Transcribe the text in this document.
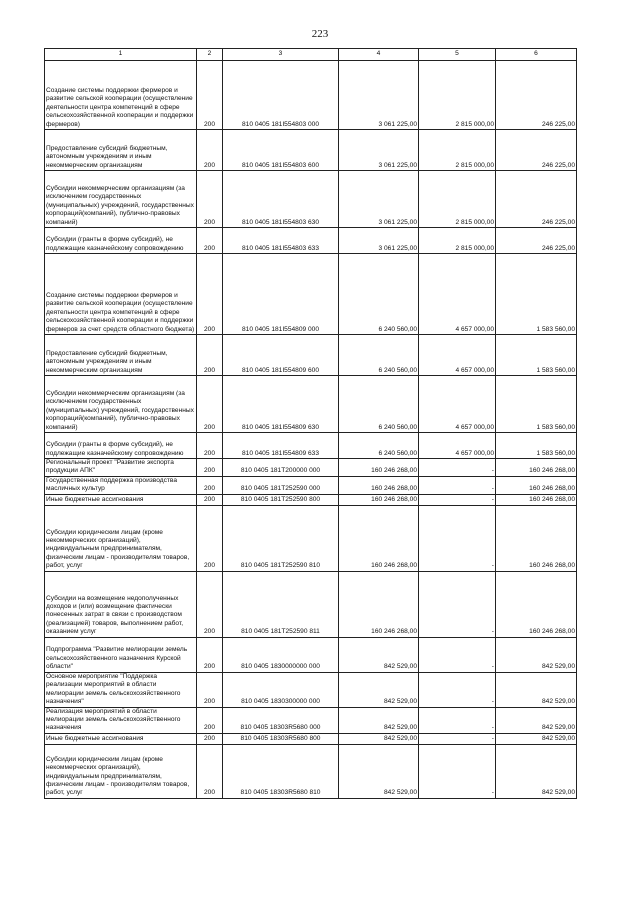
223
1	2	3	4	5	6
Создание системы поддержки фермеров и развитие сельской кооперации (осуществление деятельности центра компетенций в сфере сельскохозяйственной кооперации и поддержки фермеров)	200	810 0405 181I554803 000	3 061 225,00	2 815 000,00	246 225,00
Предоставление субсидий бюджетным, автономным учреждениям и иным некоммерческим организациям	200	810 0405 181I554803 600	3 061 225,00	2 815 000,00	246 225,00
Субсидии некоммерческим организациям (за исключением государственных (муниципальных) учреждений, государственных корпораций(компаний), публично-правовых компаний)	200	810 0405 181I554803 630	3 061 225,00	2 815 000,00	246 225,00
Субсидии (гранты в форме субсидий), не подлежащие казначейскому сопровождению	200	810 0405 181I554803 633	3 061 225,00	2 815 000,00	246 225,00
Создание системы поддержки фермеров и развитие сельской кооперации (осуществление деятельности центра компетенций в сфере сельскохозяйственной кооперации и поддержки фермеров за счет средств областного бюджета)	200	810 0405 181I554809 000	6 240 560,00	4 657 000,00	1 583 560,00
Предоставление субсидий бюджетным, автономным учреждениям и иным некоммерческим организациям	200	810 0405 181I554809 600	6 240 560,00	4 657 000,00	1 583 560,00
Субсидии некоммерческим организациям (за исключением государственных (муниципальных) учреждений, государственных корпораций(компаний), публично-правовых компаний)	200	810 0405 181I554809 630	6 240 560,00	4 657 000,00	1 583 560,00
Субсидии (гранты в форме субсидий), не подлежащие казначейскому сопровождению	200	810 0405 181I554809 633	6 240 560,00	4 657 000,00	1 583 560,00
Региональный проект "Развитие экспорта продукции АПК"	200	810 0405 181T200000 000	160 246 268,00	-	160 246 268,00
Государственная поддержка производства масличных культур	200	810 0405 181T252590 000	160 246 268,00	-	160 246 268,00
Иные бюджетные ассигнования	200	810 0405 181T252590 800	160 246 268,00	-	160 246 268,00
Субсидии юридическим лицам (кроме некоммерческих организаций), индивидуальным предпринимателям, физическим лицам - производителям товаров, работ, услуг	200	810 0405 181T252590 810	160 246 268,00	-	160 246 268,00
Субсидии на возмещение недополученных доходов и (или) возмещение фактически понесенных затрат в связи с производством (реализацией) товаров, выполнением работ, оказанием услуг	200	810 0405 181T252590 811	160 246 268,00	-	160 246 268,00
Подпрограмма "Развитие мелиорации земель сельскохозяйственного назначения Курской области"	200	810 0405 1830000000 000	842 529,00	-	842 529,00
Основное мероприятие "Поддержка реализации мероприятий в области мелиорации земель сельскохозяйственного назначения"	200	810 0405 1830300000 000	842 529,00	-	842 529,00
Реализация мероприятий в области мелиорации земель сельскохозяйственного назначения	200	810 0405 18303R5680 000	842 529,00	-	842 529,00
Иные бюджетные ассигнования	200	810 0405 18303R5680 800	842 529,00	-	842 529,00
Субсидии юридическим лицам (кроме некоммерческих организаций), индивидуальным предпринимателям, физическим лицам - производителям товаров, работ, услуг	200	810 0405 18303R5680 810	842 529,00	-	842 529,00
